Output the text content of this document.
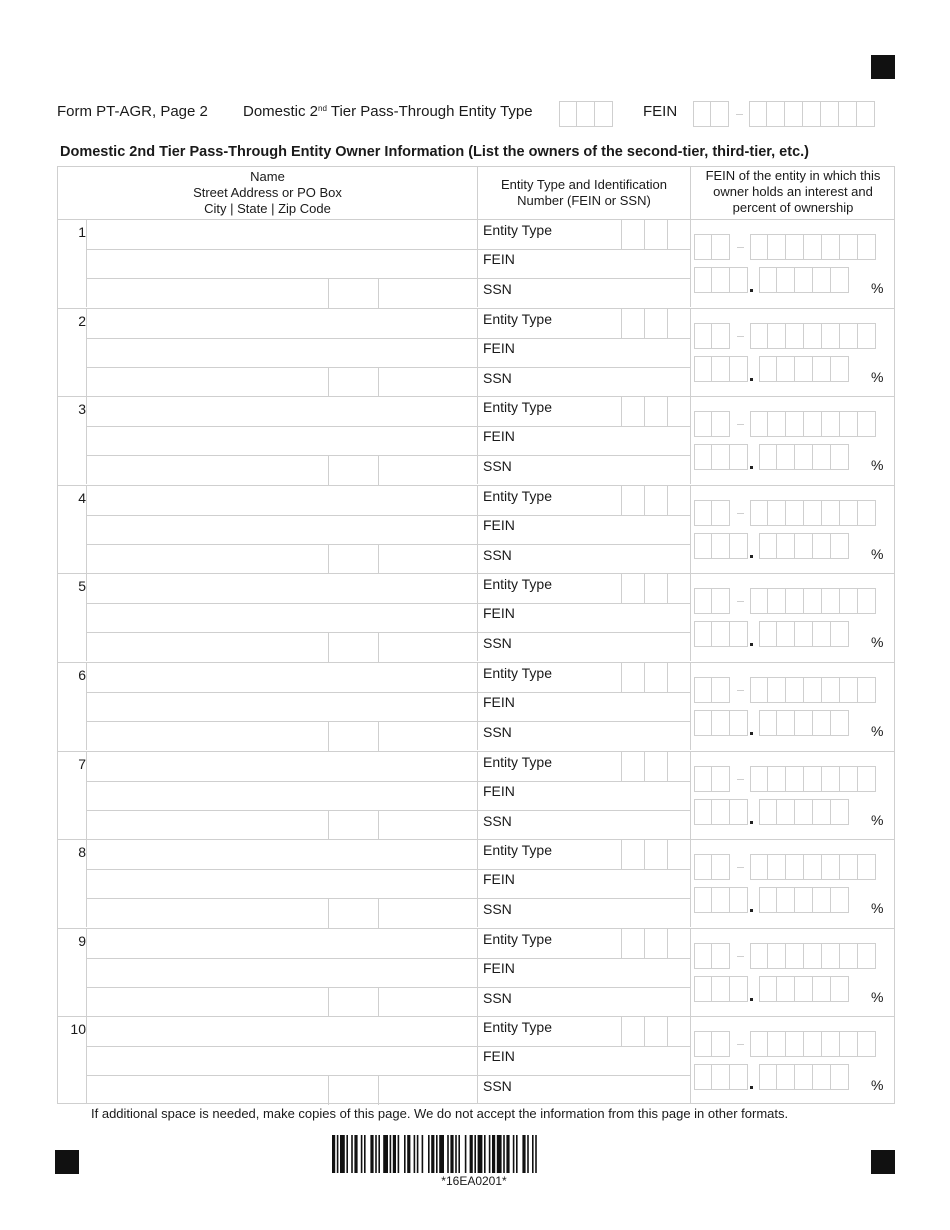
Form PT-AGR, Page 2 Domestic 2nd Tier Pass-Through Entity Type	FEIN
Domestic 2nd Tier Pass-Through Entity Owner Information (List the owners of the second-tier, third-tier, etc.)
Name
Street Address or PO Box
City | State | Zip Code
Entity Type and Identification
Number (FEIN or SSN)
FEIN of the entity in which this
owner holds an interest and
percent of ownership
1	Entity Type
FEIN
SSN	%
2	Entity Type
FEIN
SSN	%
3	Entity Type
FEIN
SSN	%
4	Entity Type
FEIN
SSN	%
5	Entity Type
FEIN
SSN	%
6	Entity Type
FEIN
SSN	%
7	Entity Type
FEIN
SSN	%
8	Entity Type
FEIN
SSN	%
9	Entity Type
FEIN
SSN	%
10	Entity Type
FEIN
SSN	%
If additional space is needed, make copies of this page. We do not accept the information from this page in other formats.
*16EA0201*
